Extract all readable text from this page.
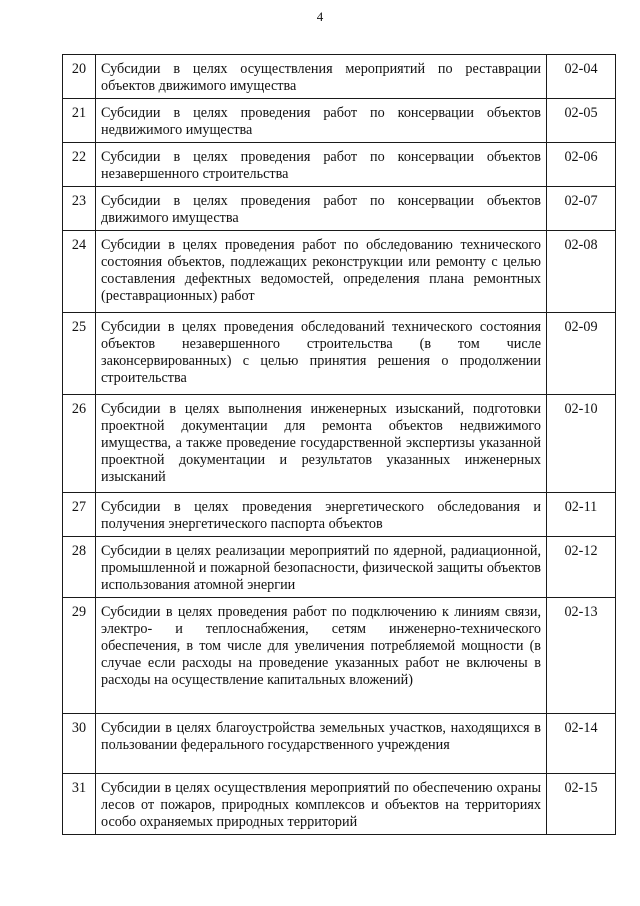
4
20	Субсидии в целях осуществления мероприятий по реставрации объектов движимого имущества	02-04
21	Субсидии в целях проведения работ по консервации объектов недвижимого имущества	02-05
22	Субсидии в целях проведения работ по консервации объектов незавершенного строительства	02-06
23	Субсидии в целях проведения работ по консервации объектов движимого имущества	02-07
24	Субсидии в целях проведения работ по обследованию технического состояния объектов, подлежащих реконструкции или ремонту с целью составления дефектных ведомостей, определения плана ремонтных (реставрационных) работ	02-08
25	Субсидии в целях проведения обследований технического состояния объектов незавершенного строительства (в том числе законсервированных) с целью принятия решения о продолжении строительства	02-09
26	Субсидии в целях выполнения инженерных изысканий, подготовки проектной документации для ремонта объектов недвижимого имущества, а также проведение государственной экспертизы указанной проектной документации и результатов указанных инженерных изысканий	02-10
27	Субсидии в целях проведения энергетического обследования и получения энергетического паспорта объектов	02-11
28	Субсидии в целях реализации мероприятий по ядерной, радиационной, промышленной и пожарной безопасности, физической защиты объектов использования атомной энергии	02-12
29	Субсидии в целях проведения работ по подключению к линиям связи, электро- и теплоснабжения, сетям инженерно-технического обеспечения, в том числе для увеличения потребляемой мощности (в случае если расходы на проведение указанных работ не включены в расходы на осуществление капитальных вложений)	02-13
30	Субсидии в целях благоустройства земельных участков, находящихся в пользовании федерального государственного учреждения	02-14
31	Субсидии в целях осуществления мероприятий по обеспечению охраны лесов от пожаров, природных комплексов и объектов на территориях особо охраняемых природных территорий	02-15
